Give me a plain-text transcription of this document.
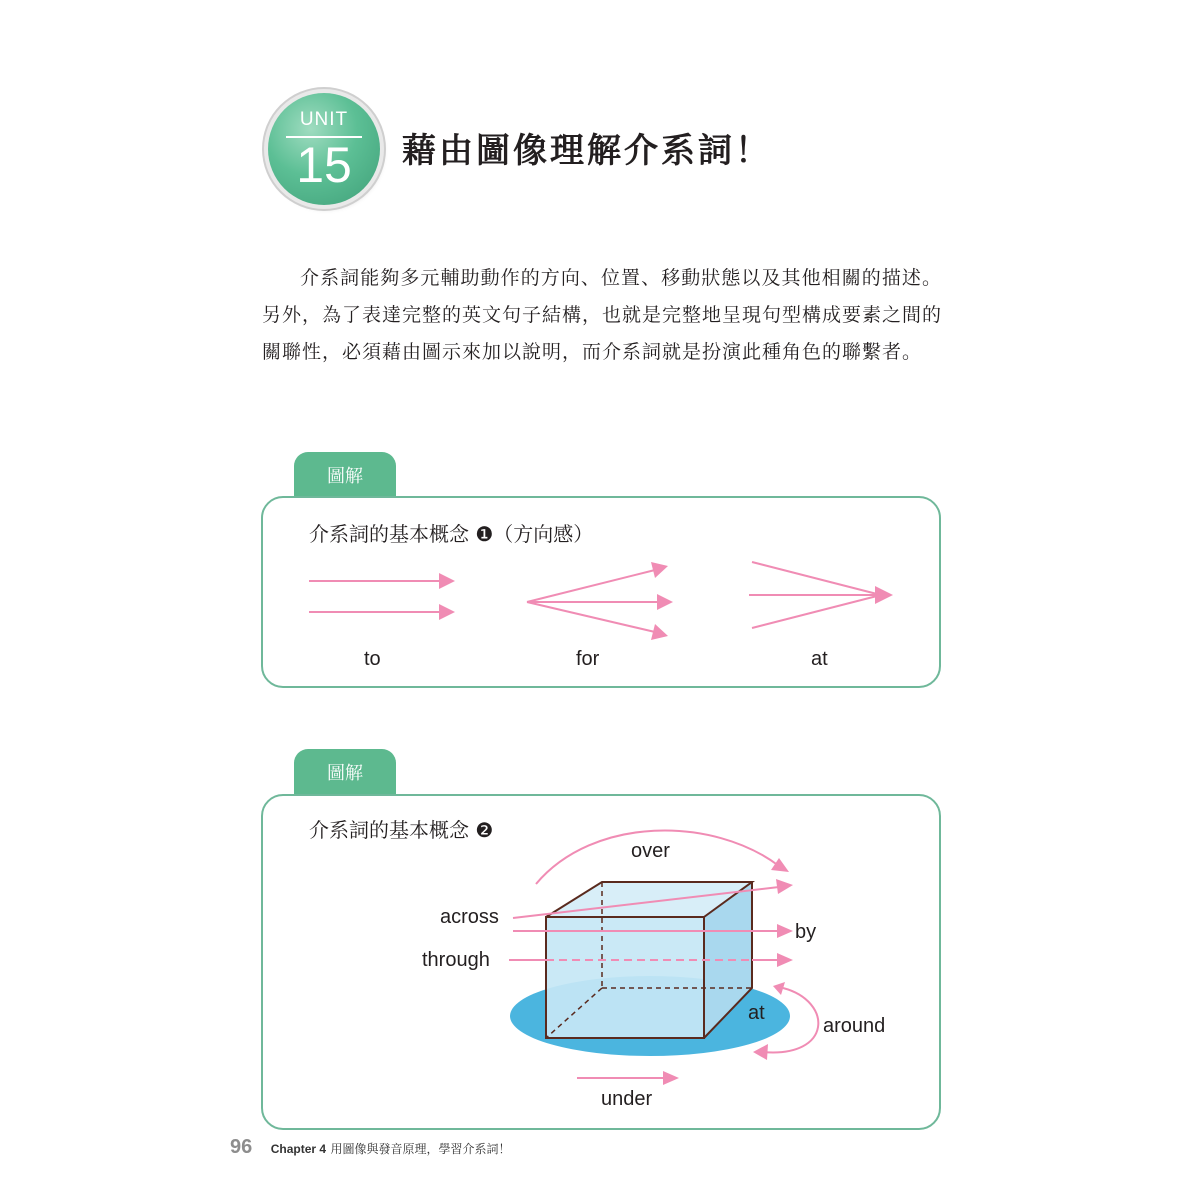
UNIT
15	藉由圖像理解介系詞！

介系詞能夠多元輔助動作的方向、位置、移動狀態以及其他相關的描述。另外，為了表達完整的英文句子結構，也就是完整地呈現句型構成要素之間的關聯性，必須藉由圖示來加以說明，而介系詞就是扮演此種角色的聯繫者。

圖解
介系詞的基本概念 ❶（方向感）
to	for	at
圖解
介系詞的基本概念 ❷
over
across
through
by
at
around
under
96 Chapter 4 用圖像與發音原理，學習介系詞！
